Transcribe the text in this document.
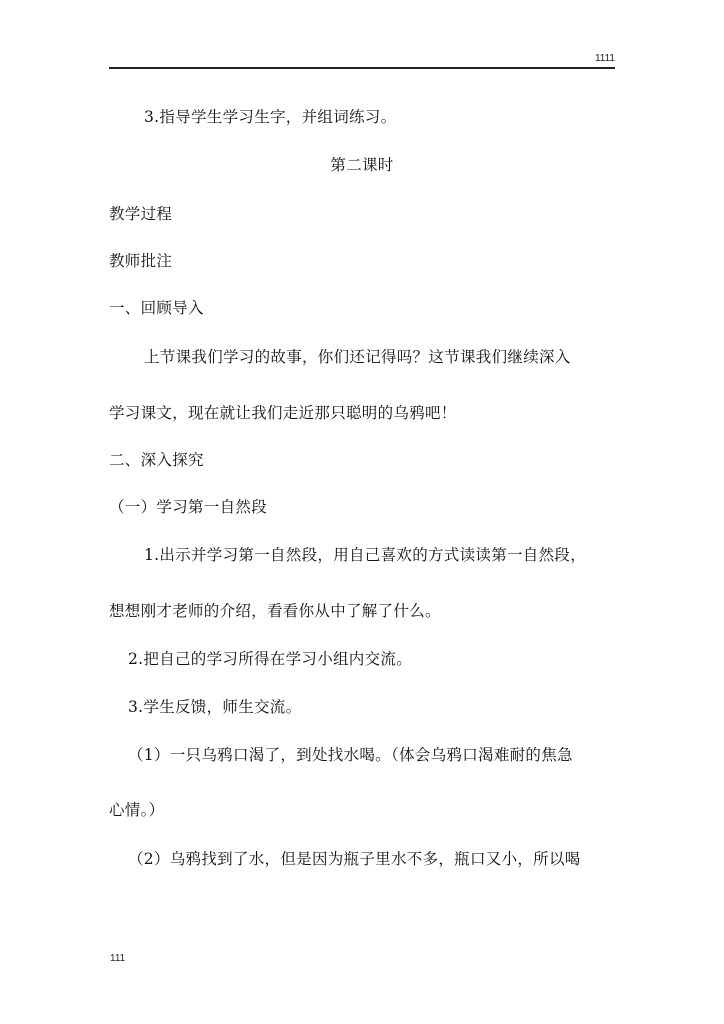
1111
3.指导学生学习生字，并组词练习。
第二课时
教学过程
教师批注
一、回顾导入
上节课我们学习的故事，你们还记得吗？这节课我们继续深入
学习课文，现在就让我们走近那只聪明的乌鸦吧！
二、深入探究
（一）学习第一自然段
1.出示并学习第一自然段，用自己喜欢的方式读读第一自然段，
想想刚才老师的介绍，看看你从中了解了什么。
2.把自己的学习所得在学习小组内交流。
3.学生反馈，师生交流。
（1）一只乌鸦口渴了，到处找水喝。（体会乌鸦口渴难耐的焦急
心情。）
（2）乌鸦找到了水，但是因为瓶子里水不多，瓶口又小，所以喝
111
